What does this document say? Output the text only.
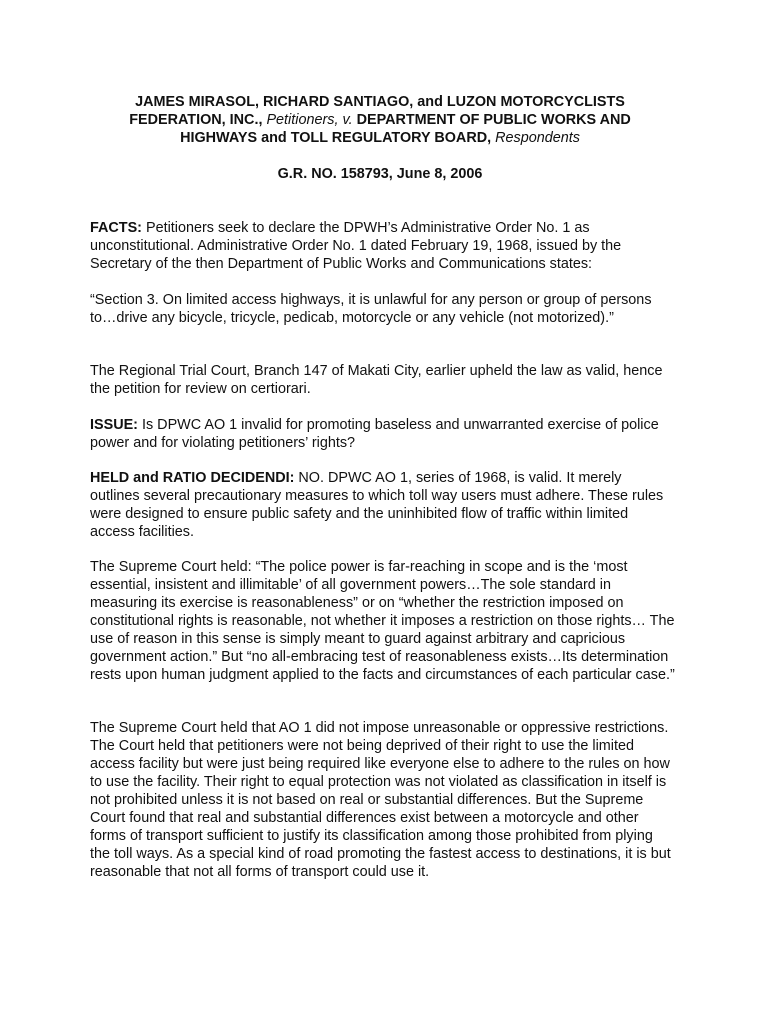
JAMES MIRASOL, RICHARD SANTIAGO, and LUZON MOTORCYCLISTS FEDERATION, INC., Petitioners, v. DEPARTMENT OF PUBLIC WORKS AND HIGHWAYS and TOLL REGULATORY BOARD, Respondents
G.R. NO. 158793, June 8, 2006

FACTS: Petitioners seek to declare the DPWH’s Administrative Order No. 1 as unconstitutional. Administrative Order No. 1 dated February 19, 1968, issued by the Secretary of the then Department of Public Works and Communications states:

“Section 3. On limited access highways, it is unlawful for any person or group of persons to…drive any bicycle, tricycle, pedicab, motorcycle or any vehicle (not motorized).”

The Regional Trial Court, Branch 147 of Makati City, earlier upheld the law as valid, hence the petition for review on certiorari.

ISSUE: Is DPWC AO 1 invalid for promoting baseless and unwarranted exercise of police power and for violating petitioners’ rights?

HELD and RATIO DECIDENDI: NO. DPWC AO 1, series of 1968, is valid. It merely outlines several precautionary measures to which toll way users must adhere. These rules were designed to ensure public safety and the uninhibited flow of traffic within limited access facilities.

The Supreme Court held: “The police power is far-reaching in scope and is the ‘most essential, insistent and illimitable’ of all government powers…The sole standard in measuring its exercise is reasonableness” or on “whether the restriction imposed on constitutional rights is reasonable, not whether it imposes a restriction on those rights… The use of reason in this sense is simply meant to guard against arbitrary and capricious government action.” But “no all-embracing test of reasonableness exists…Its determination rests upon human judgment applied to the facts and circumstances of each particular case.”

The Supreme Court held that AO 1 did not impose unreasonable or oppressive restrictions. The Court held that petitioners were not being deprived of their right to use the limited access facility but were just being required like everyone else to adhere to the rules on how to use the facility. Their right to equal protection was not violated as classification in itself is not prohibited unless it is not based on real or substantial differences. But the Supreme Court found that real and substantial differences exist between a motorcycle and other forms of transport sufficient to justify its classification among those prohibited from plying the toll ways. As a special kind of road promoting the fastest access to destinations, it is but reasonable that not all forms of transport could use it.
